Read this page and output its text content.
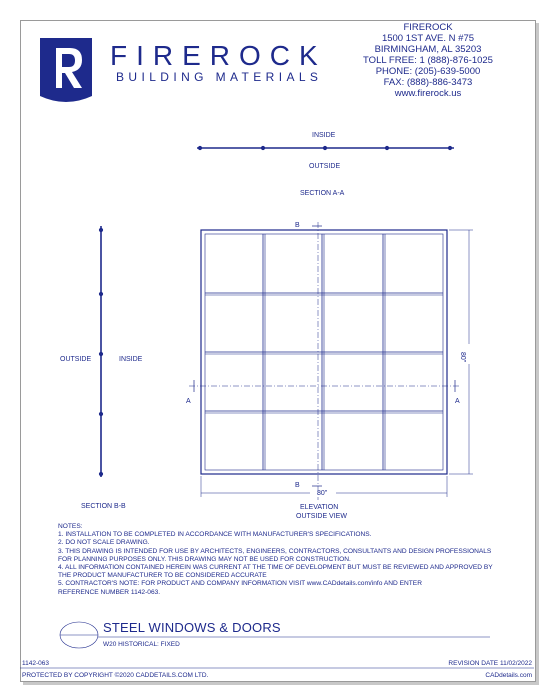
FIREROCK
BUILDING MATERIALS
FIREROCK
1500 1ST AVE. N #75
BIRMINGHAM, AL 35203
TOLL FREE: 1 (888)-876-1025
PHONE: (205)-639-5000
FAX: (888)-886-3473
www.firerock.us
INSIDE
OUTSIDE
SECTION A-A
OUTSIDE	INSIDE
SECTION B-B
B
B
A	A
80"
80"
ELEVATION
OUTSIDE VIEW
NOTES:
1. INSTALLATION TO BE COMPLETED IN ACCORDANCE WITH MANUFACTURER'S SPECIFICATIONS.
2. DO NOT SCALE DRAWING.
3. THIS DRAWING IS INTENDED FOR USE BY ARCHITECTS, ENGINEERS, CONTRACTORS, CONSULTANTS AND DESIGN PROFESSIONALS
FOR PLANNING PURPOSES ONLY. THIS DRAWING MAY NOT BE USED FOR CONSTRUCTION.
4. ALL INFORMATION CONTAINED HEREIN WAS CURRENT AT THE TIME OF DEVELOPMENT BUT MUST BE REVIEWED AND APPROVED BY
THE PRODUCT MANUFACTURER TO BE CONSIDERED ACCURATE
5. CONTRACTOR'S NOTE: FOR PRODUCT AND COMPANY INFORMATION VISIT www.CADdetails.com/info AND ENTER
REFERENCE NUMBER 1142-063.
STEEL WINDOWS & DOORS
W20 HISTORICAL: FIXED
1142-063	REVISION DATE 11/02/2022
PROTECTED BY COPYRIGHT ©2020 CADDETAILS.COM LTD.	CADdetails.com
